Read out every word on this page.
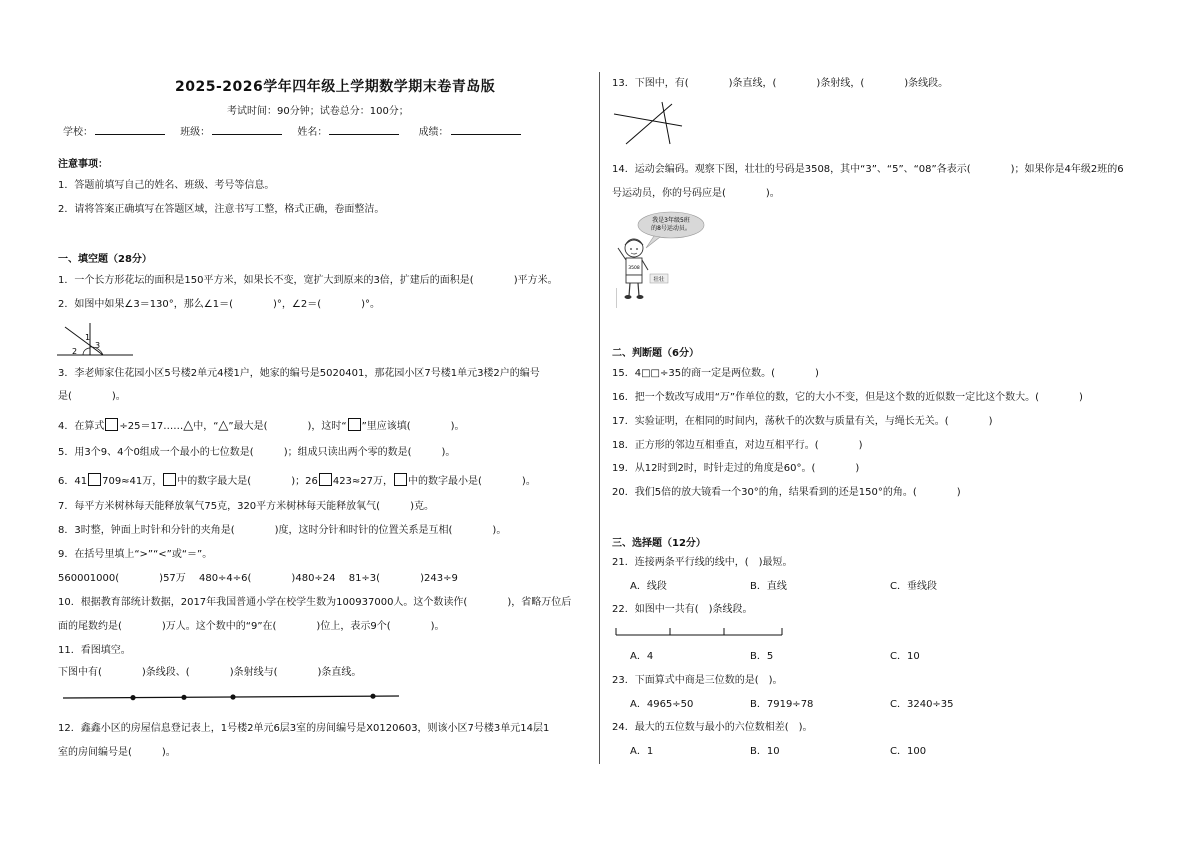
2025-2026学年四年级上学期数学期末卷青岛版
考试时间：90分钟；试卷总分：100分；
学校：	班级：	姓名：	成绩：
注意事项：
1．答题前填写自己的姓名、班级、考号等信息。
2．请将答案正确填写在答题区域，注意书写工整，格式正确，卷面整洁。
一、填空题（28分）
1．一个长方形花坛的面积是150平方米，如果长不变，宽扩大到原来的3倍，扩建后的面积是(　　　　)平方米。
2．如图中如果∠3＝130°，那么∠1＝(　　　　)°，∠2＝(　　　　)°。
1
2
3
3．李老师家住花园小区5号楼2单元4楼1户，她家的编号是5020401，那花园小区7号楼1单元3楼2户的编号
是(　　　　)。
4．在算式 ÷25＝17……△中，“△”最大是(　　　　)，这时“ ”里应该填(　　　　)。
5．用3个9、4个0组成一个最小的七位数是(　　　)；组成只读出两个零的数是(　　　)。
6．41 709≈41万， 中的数字最大是(　　　　)；26 423≈27万， 中的数字最小是(　　　　)。
7．每平方米树林每天能释放氧气75克，320平方米树林每天能释放氧气(　　　)克。
8．3时整，钟面上时针和分针的夹角是(　　　　)度，这时分针和时针的位置关系是互相(　　　　)。
9．在括号里填上“>”“<”或“＝”。
560001000(　　　　)57万　 480÷4÷6(　　　　)480÷24　 81÷3(　　　　)243÷9
10．根据教育部统计数据，2017年我国普通小学在校学生数为100937000人。这个数读作(　　　　)，省略万位后
面的尾数约是(　　　　)万人。这个数中的“9”在(　　　　)位上，表示9个(　　　　)。
11．看图填空。
下图中有(　　　　)条线段、(　　　　)条射线与(　　　　)条直线。
12．鑫鑫小区的房屋信息登记表上，1号楼2单元6层3室的房间编号是X0120603，则该小区7号楼3单元14层1
室的房间编号是(　　　)。
13．下图中，有(　　　　)条直线，(　　　　)条射线，(　　　　)条线段。
14．运动会编码。观察下图，壮壮的号码是3508，其中“3”、“5”、“08”各表示(　　　　)；如果你是4年级2班的6
号运动员，你的号码应是(　　　　)。
我是3年级5班
的8号运动员。
3508
壮壮
二、判断题（6分）
15．4□□÷35的商一定是两位数。(　　　　)
16．把一个数改写成用“万”作单位的数，它的大小不变，但是这个数的近似数一定比这个数大。(　　　　)
17．实验证明，在相同的时间内，荡秋千的次数与质量有关，与绳长无关。(　　　　)
18．正方形的邻边互相垂直，对边互相平行。(　　　　)
19．从12时到2时，时针走过的角度是60°。(　　　　)
20．我们5倍的放大镜看一个30°的角，结果看到的还是150°的角。(　　　　)
三、选择题（12分）
21．连接两条平行线的线中，(　)最短。
A．线段	B．直线	C．垂线段
22．如图中一共有(　)条线段。
A．4	B．5	C．10
23．下面算式中商是三位数的是(　)。
A．4965÷50	B．7919÷78	C．3240÷35
24．最大的五位数与最小的六位数相差(　)。
A．1	B．10	C．100
